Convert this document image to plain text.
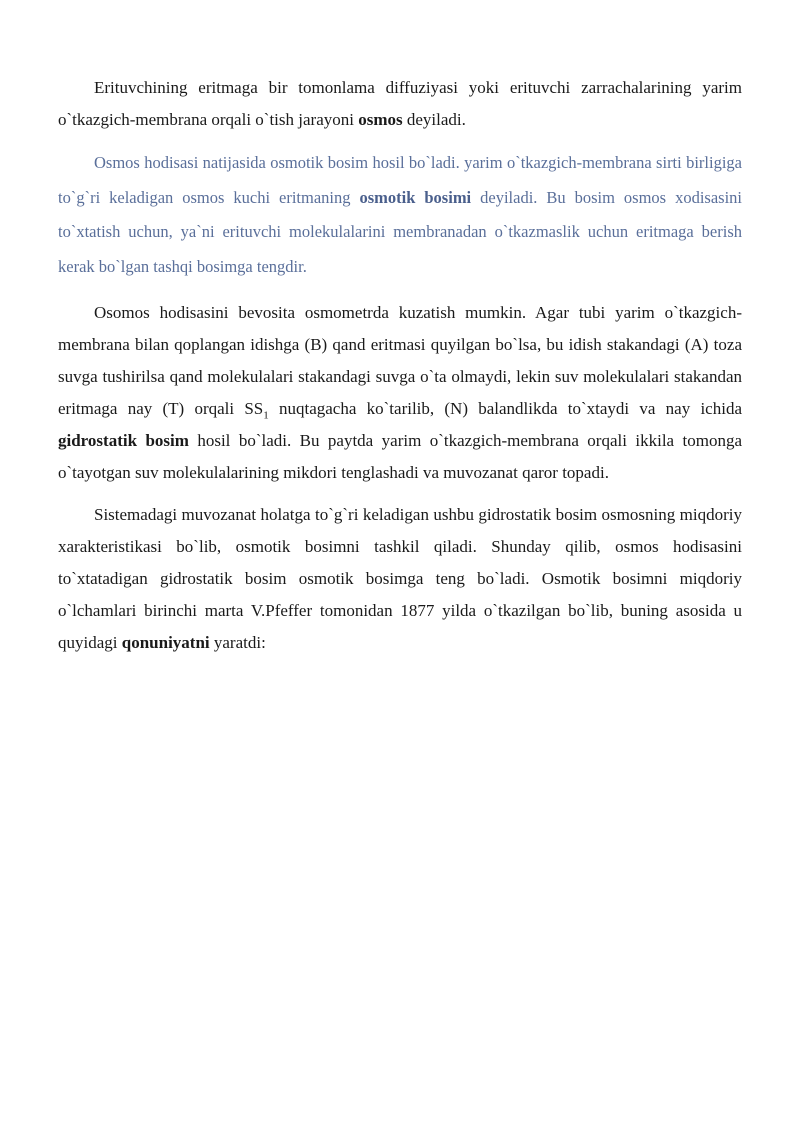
Erituvchining eritmaga bir tomonlama diffuziyasi yoki erituvchi zarrachalarining yarim o`tkazgich-membrana orqali o`tish jarayoni osmos deyiladi.

Osmos hodisasi natijasida osmotik bosim hosil bo`ladi. yarim o`tkazgich-membrana sirti birligiga to`g`ri keladigan osmos kuchi eritmaning osmotik bosimi deyiladi. Bu bosim osmos xodisasini to`xtatish uchun, ya`ni erituvchi molekulalarini membranadan o`tkazmaslik uchun eritmaga berish kerak bo`lgan tashqi bosimga tengdir.

Osomos hodisasini bevosita osmometrda kuzatish mumkin. Agar tubi yarim o`tkazgich-membrana bilan qoplangan idishga (B) qand eritmasi quyilgan bo`lsa, bu idish stakandagi (A) toza suvga tushirilsa qand molekulalari stakandagi suvga o`ta olmaydi, lekin suv molekulalari stakandan eritmaga nay (T) orqali $SS_1$ nuqtagacha ko`tarilib, (N) balandlikda to`xtaydi va nay ichida gidrostatik bosim hosil bo`ladi. Bu paytda yarim o`tkazgich-membrana orqali ikkila tomonga o`tayotgan suv molekulalarining mikdori tenglashadi va muvozanat qaror topadi.

Sistemadagi muvozanat holatga to`g`ri keladigan ushbu gidrostatik bosim osmosning miqdoriy xarakteristikasi bo`lib, osmotik bosimni tashkil qiladi. Shunday qilib, osmos hodisasini to`xtatadigan gidrostatik bosim osmotik bosimga teng bo`ladi. Osmotik bosimni miqdoriy o`lchamlari birinchi marta V.Pfeffer tomonidan 1877 yilda o`tkazilgan bo`lib, buning asosida u quyidagi qonuniyatni yaratdi:
